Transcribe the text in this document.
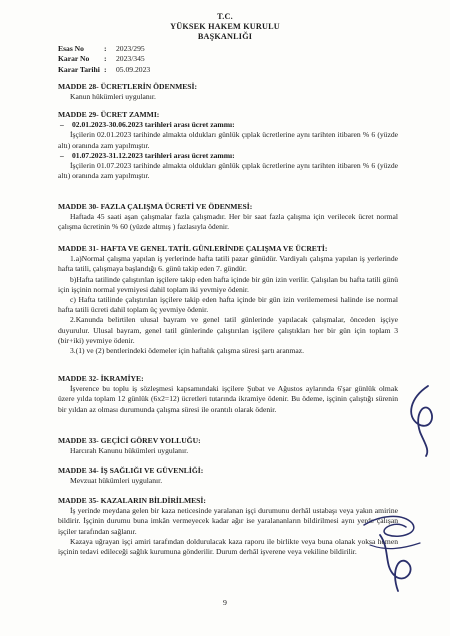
T.C.
YÜKSEK HAKEM KURULU
BAŞKANLIĞI
Esas No	:	2023/295
Karar No	:	2023/345
Karar Tarihi :	05.09.2023
MADDE 28- ÜCRETLERİN ÖDENMESİ:
Kanun hükümleri uygulanır.
MADDE 29- ÜCRET ZAMMI:
– 02.01.2023-30.06.2023 tarihleri arası ücret zammı:
İşçilerin 02.01.2023 tarihinde almakta oldukları günlük çıplak ücretlerine aynı tarihten itibaren % 6 (yüzde altı) oranında zam yapılmıştır.
– 01.07.2023-31.12.2023 tarihleri arası ücret zammı:
İşçilerin 01.07.2023 tarihinde almakta oldukları günlük çıplak ücretlerine aynı tarihten itibaren % 6 (yüzde altı) oranında zam yapılmıştır.
MADDE 30- FAZLA ÇALIŞMA ÜCRETİ VE ÖDENMESİ:
Haftada 45 saati aşan çalışmalar fazla çalışmadır. Her bir saat fazla çalışma için verilecek ücret normal çalışma ücretinin % 60 (yüzde altmış ) fazlasıyla ödenir.
MADDE 31- HAFTA VE GENEL TATİL GÜNLERİNDE ÇALIŞMA VE ÜCRETİ:
1.a)Normal çalışma yapılan iş yerlerinde hafta tatili pazar günüdür. Vardiyalı çalışma yapılan iş yerlerinde hafta tatili, çalışmaya başlandığı 6. günü takip eden 7. gündür.
b)Hafta tatilinde çalıştırılan işçilere takip eden hafta içinde bir gün izin verilir. Çalışılan bu hafta tatili günü için işçinin normal yevmiyesi dahil toplam iki yevmiye ödenir.
c) Hafta tatilinde çalıştırılan işçilere takip eden hafta içinde bir gün izin verilememesi halinde ise normal hafta tatili ücreti dahil toplam üç yevmiye ödenir.
2.Kanunda belirtilen ulusal bayram ve genel tatil günlerinde yapılacak çalışmalar, önceden işçiye duyurulur. Ulusal bayram, genel tatil günlerinde çalıştırılan işçilere çalıştıkları her bir gün için toplam 3 (bir+iki) yevmiye ödenir.
3.(1) ve (2) bentlerindeki ödemeler için haftalık çalışma süresi şartı aranmaz.
MADDE 32- İKRAMİYE:
İşverence bu toplu iş sözleşmesi kapsamındaki işçilere Şubat ve Ağustos aylarında 6'şar günlük olmak üzere yılda toplam 12 günlük (6x2=12) ücretleri tutarında ikramiye ödenir. Bu ödeme, işçinin çalıştığı sürenin bir yıldan az olması durumunda çalışma süresi ile orantılı olarak ödenir.
MADDE 33- GEÇİCİ GÖREV YOLLUĞU:
Harcırah Kanunu hükümleri uygulanır.
MADDE 34- İŞ SAĞLIĞI VE GÜVENLİĞİ:
Mevzuat hükümleri uygulanır.
MADDE 35- KAZALARIN BİLDİRİLMESİ:
İş yerinde meydana gelen bir kaza neticesinde yaralanan işçi durumunu derhâl ustabaşı veya yakın amirine bildirir. İşçinin durumu buna imkân vermeyecek kadar ağır ise yaralananların bildirilmesi aynı yerde çalışan işçiler tarafından sağlanır.
Kazaya uğrayan işçi amiri tarafından doldurulacak kaza raporu ile birlikte veya buna olanak yoksa hemen işçinin tedavi edileceği sağlık kurumuna gönderilir. Durum derhâl işverene veya vekiline bildirilir.
9
